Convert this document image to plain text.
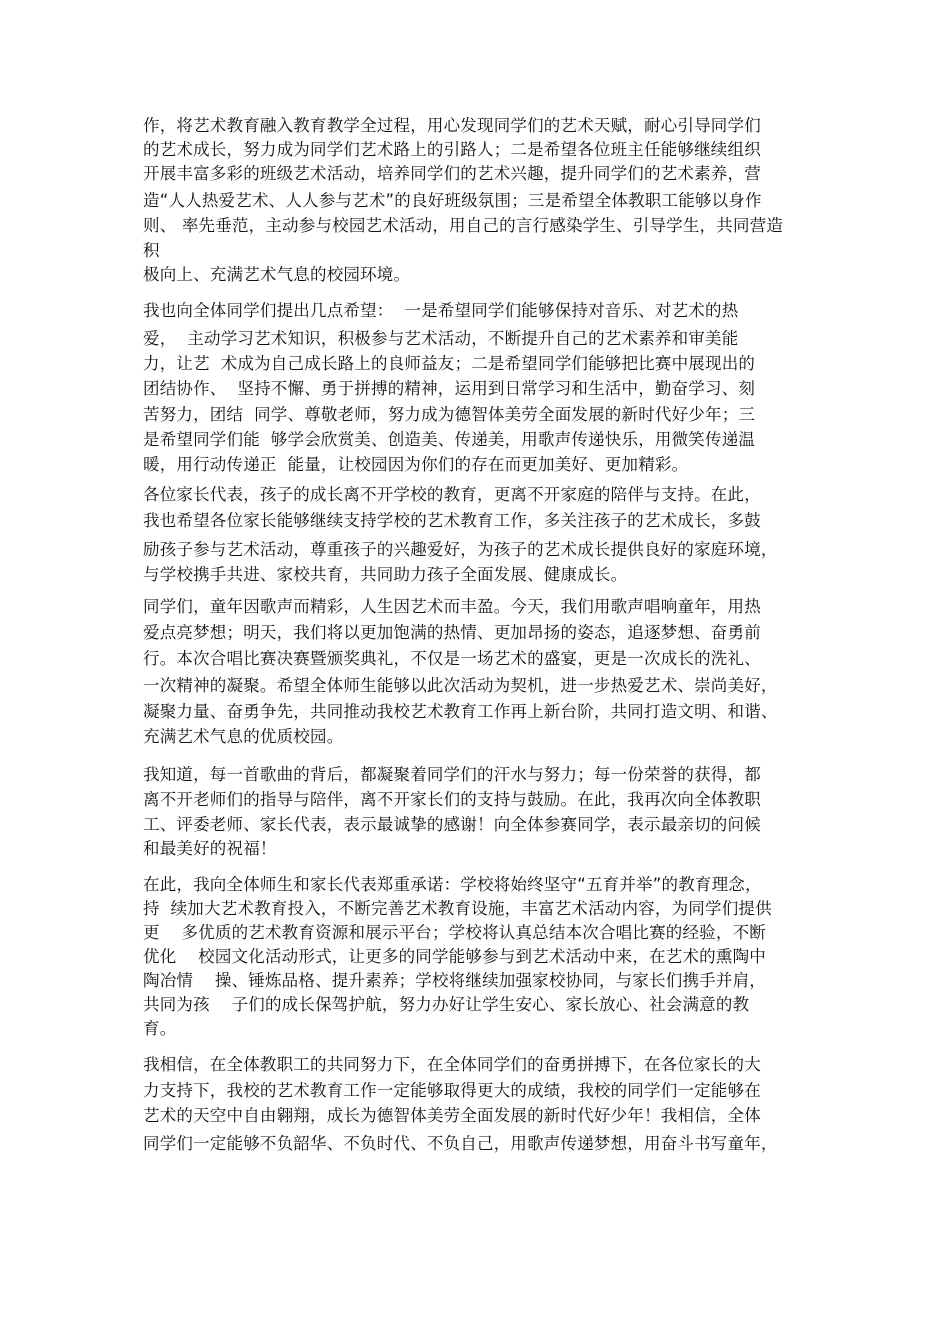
作，将艺术教育融入教育教学全过程，用心发现同学们的艺术天赋，耐心引导同学们
的艺术成长，努力成为同学们艺术路上的引路人；二是希望各位班主任能够继续组织
开展丰富多彩的班级艺术活动，培养同学们的艺术兴趣，提升同学们的艺术素养，营
造“人人热爱艺术、人人参与艺术”的良好班级氛围；三是希望全体教职工能够以身作
则、 率先垂范，主动参与校园艺术活动，用自己的言行感染学生、引导学生，共同营造
积
极向上、充满艺术气息的校园环境。
我也向全体同学们提出几点希望：  一是希望同学们能够保持对音乐、对艺术的热
爱，  主动学习艺术知识，积极参与艺术活动，不断提升自己的艺术素养和审美能
力，让艺  术成为自己成长路上的良师益友；二是希望同学们能够把比赛中展现出的
团结协作、  坚持不懈、勇于拼搏的精神，运用到日常学习和生活中，勤奋学习、刻
苦努力，团结  同学、尊敬老师，努力成为德智体美劳全面发展的新时代好少年；三
是希望同学们能  够学会欣赏美、创造美、传递美，用歌声传递快乐，用微笑传递温
暖，用行动传递正  能量，让校园因为你们的存在而更加美好、更加精彩。
各位家长代表，孩子的成长离不开学校的教育，更离不开家庭的陪伴与支持。在此，
我也希望各位家长能够继续支持学校的艺术教育工作，多关注孩子的艺术成长，多鼓
励孩子参与艺术活动，尊重孩子的兴趣爱好，为孩子的艺术成长提供良好的家庭环境，
与学校携手共进、家校共育，共同助力孩子全面发展、健康成长。
同学们，童年因歌声而精彩，人生因艺术而丰盈。今天，我们用歌声唱响童年，用热
爱点亮梦想；明天，我们将以更加饱满的热情、更加昂扬的姿态，追逐梦想、奋勇前
行。本次合唱比赛决赛暨颁奖典礼，不仅是一场艺术的盛宴，更是一次成长的洗礼、
一次精神的凝聚。希望全体师生能够以此次活动为契机，进一步热爱艺术、崇尚美好，
凝聚力量、奋勇争先，共同推动我校艺术教育工作再上新台阶，共同打造文明、和谐、
充满艺术气息的优质校园。
我知道，每一首歌曲的背后，都凝聚着同学们的汗水与努力；每一份荣誉的获得，都
离不开老师们的指导与陪伴，离不开家长们的支持与鼓励。在此，我再次向全体教职
工、评委老师、家长代表，表示最诚挚的感谢！向全体参赛同学，表示最亲切的问候
和最美好的祝福！
在此，我向全体师生和家长代表郑重承诺：学校将始终坚守“五育并举”的教育理念，
持  续加大艺术教育投入，不断完善艺术教育设施，丰富艺术活动内容，为同学们提供
更    多优质的艺术教育资源和展示平台；学校将认真总结本次合唱比赛的经验，不断
优化    校园文化活动形式，让更多的同学能够参与到艺术活动中来，在艺术的熏陶中
陶冶情    操、锤炼品格、提升素养；学校将继续加强家校协同，与家长们携手并肩，
共同为孩    子们的成长保驾护航，努力办好让学生安心、家长放心、社会满意的教
育。
我相信，在全体教职工的共同努力下，在全体同学们的奋勇拼搏下，在各位家长的大
力支持下，我校的艺术教育工作一定能够取得更大的成绩，我校的同学们一定能够在
艺术的天空中自由翱翔，成长为德智体美劳全面发展的新时代好少年！我相信，全体
同学们一定能够不负韶华、不负时代、不负自己，用歌声传递梦想，用奋斗书写童年，
